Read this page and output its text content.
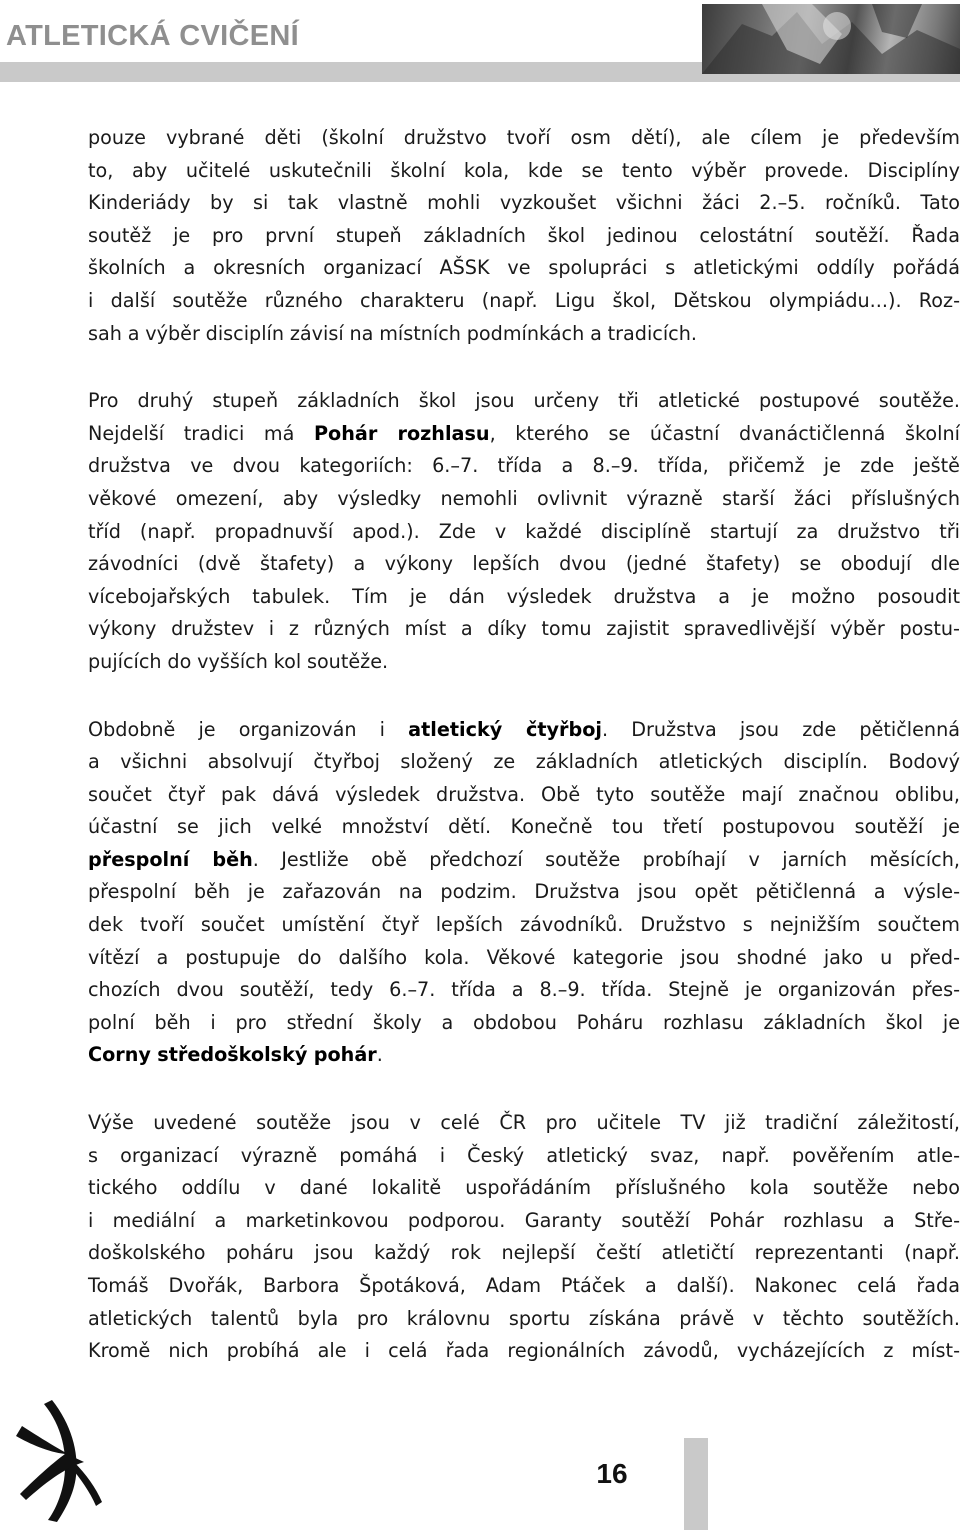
ATLETICKÁ CVIČENÍ

pouze vybrané děti (školní družstvo tvoří osm dětí), ale cílem je především

to, aby učitelé uskutečnili školní kola, kde se tento výběr provede. Disciplíny

Kinderiády by si tak vlastně mohli vyzkoušet všichni žáci 2.–5. ročníků. Tato

soutěž je pro první stupeň základních škol jedinou celostátní soutěží. Řada

školních a okresních organizací AŠSK ve spolupráci s atletickými oddíly pořádá

i další soutěže různého charakteru (např. Ligu škol, Dětskou olympiádu...). Roz-

sah a výběr disciplín závisí na místních podmínkách a tradicích.

Pro druhý stupeň základních škol jsou určeny tři atletické postupové soutěže.

Nejdelší tradici má Pohár rozhlasu, kterého se účastní dvanáctičlenná školní

družstva ve dvou kategoriích: 6.–7. třída a 8.–9. třída, přičemž je zde ještě

věkové omezení, aby výsledky nemohli ovlivnit výrazně starší žáci příslušných

tříd (např. propadnuvší apod.). Zde v každé disciplíně startují za družstvo tři

závodníci (dvě štafety) a výkony lepších dvou (jedné štafety) se obodují dle

vícebojařských tabulek. Tím je dán výsledek družstva a je možno posoudit

výkony družstev i z různých míst a díky tomu zajistit spravedlivější výběr postu-

pujících do vyšších kol soutěže.

Obdobně je organizován i atletický čtyřboj. Družstva jsou zde pětičlenná

a všichni absolvují čtyřboj složený ze základních atletických disciplín. Bodový

součet čtyř pak dává výsledek družstva. Obě tyto soutěže mají značnou oblibu,

účastní se jich velké množství dětí. Konečně tou třetí postupovou soutěží je

přespolní běh. Jestliže obě předchozí soutěže probíhají v jarních měsících,

přespolní běh je zařazován na podzim. Družstva jsou opět pětičlenná a výsle-

dek tvoří součet umístění čtyř lepších závodníků. Družstvo s nejnižším součtem

vítězí a postupuje do dalšího kola. Věkové kategorie jsou shodné jako u před-

chozích dvou soutěží, tedy 6.–7. třída a 8.–9. třída. Stejně je organizován přes-

polní běh i pro střední školy a obdobou Poháru rozhlasu základních škol je

Corny středoškolský pohár.

Výše uvedené soutěže jsou v celé ČR pro učitele TV již tradiční záležitostí,

s organizací výrazně pomáhá i Český atletický svaz, např. pověřením atle-

tického oddílu v dané lokalitě uspořádáním příslušného kola soutěže nebo

i mediální a marketinkovou podporou. Garanty soutěží Pohár rozhlasu a Stře-

doškolského poháru jsou každý rok nejlepší čeští atletičtí reprezentanti (např.

Tomáš Dvořák, Barbora Špotáková, Adam Ptáček a další). Nakonec celá řada

atletických talentů byla pro královnu sportu získána právě v těchto soutěžích.

Kromě nich probíhá ale i celá řada regionálních závodů, vycházejících z míst-

16
